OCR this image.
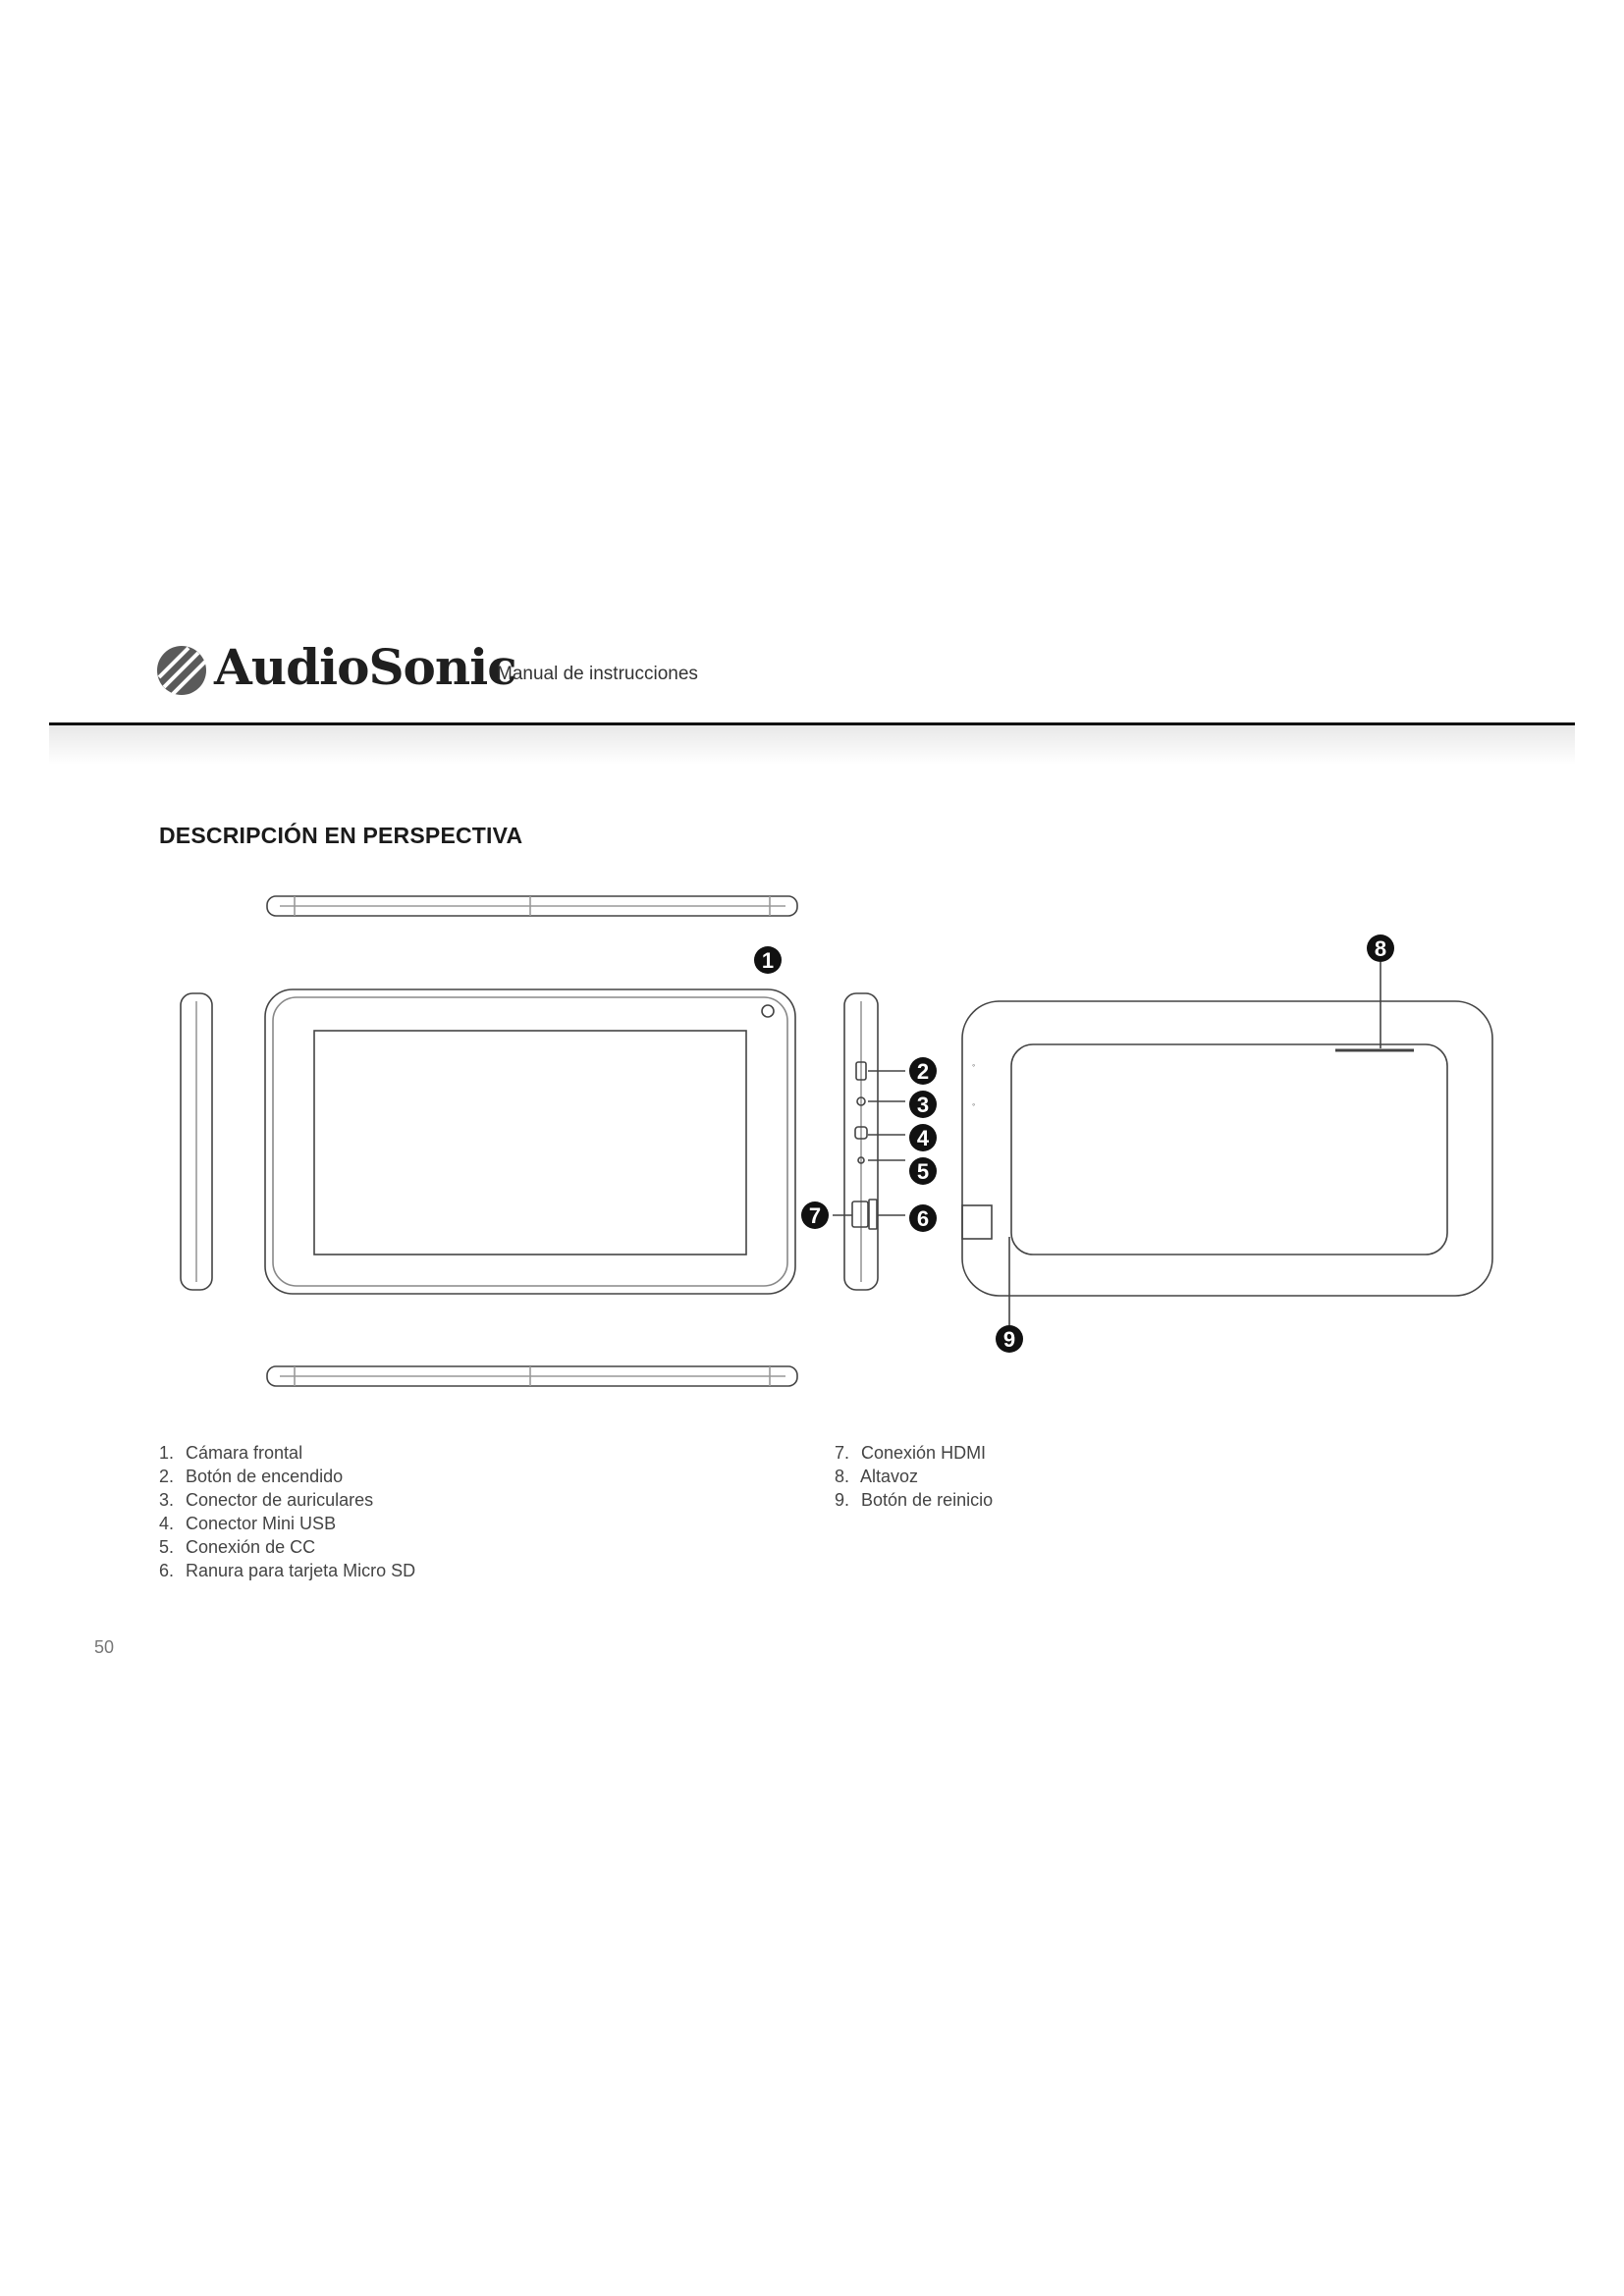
AudioSonic
Manual de instrucciones
DESCRIPCIÓN EN PERSPECTIVA
◦
◦
1
2
3
4
5
6
7
8
9
1. Cámara frontal
2. Botón de encendido
3. Conector de auriculares
4. Conector Mini USB
5. Conexión de CC
6. Ranura para tarjeta Micro SD
7. Conexión HDMI
8. Altavoz
9. Botón de reinicio
50
